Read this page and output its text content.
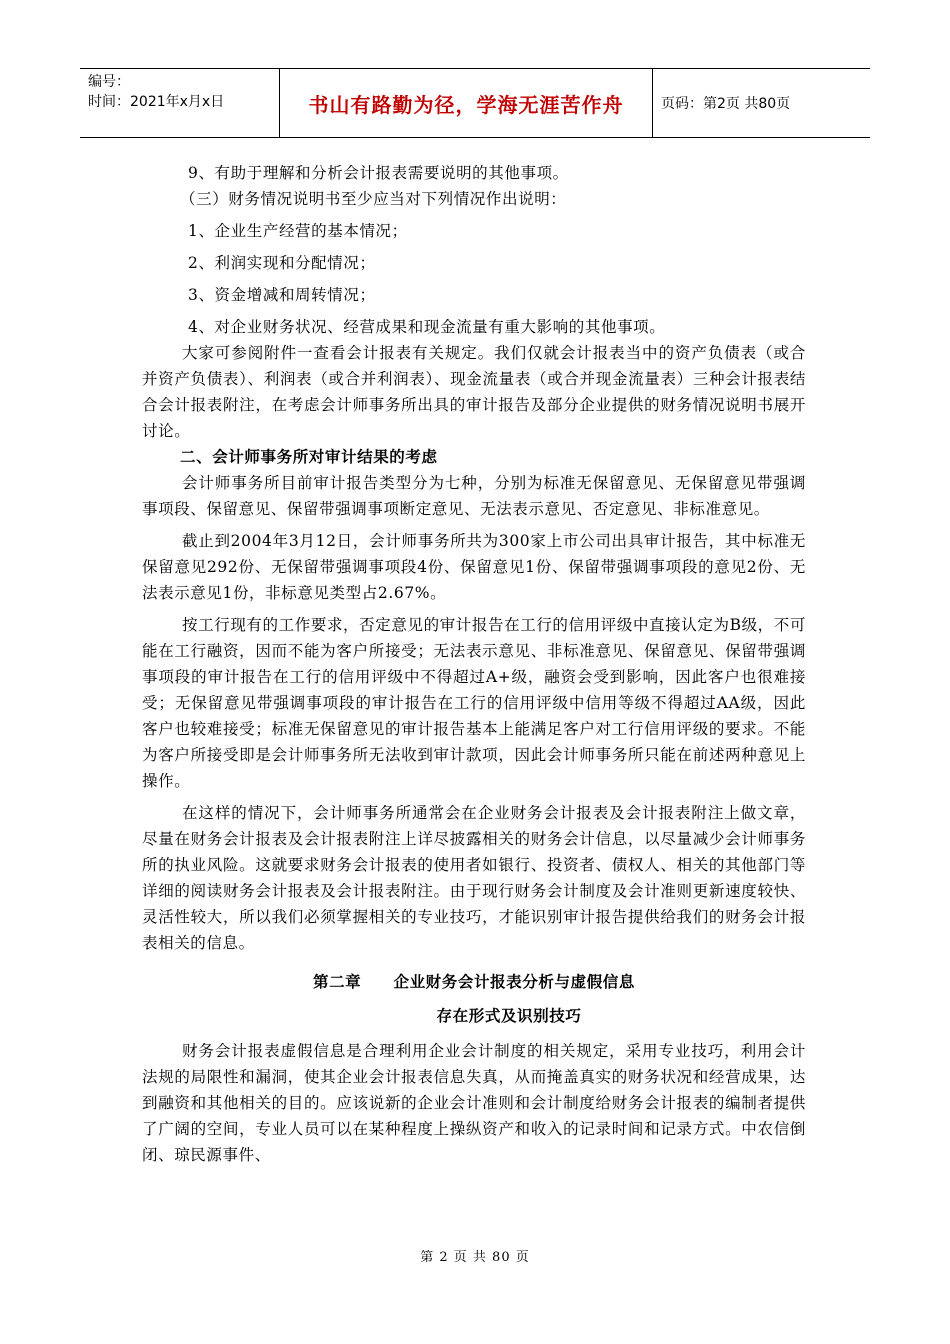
编号：
时间：2021年x月x日	书山有路勤为径，学海无涯苦作舟	页码：第2页 共80页
9、有助于理解和分析会计报表需要说明的其他事项。
（三）财务情况说明书至少应当对下列情况作出说明：
1、企业生产经营的基本情况；
2、利润实现和分配情况；
3、资金增减和周转情况；
4、对企业财务状况、经营成果和现金流量有重大影响的其他事项。

大家可参阅附件一查看会计报表有关规定。我们仅就会计报表当中的资产负债表（或合并资产负债表）、利润表（或合并利润表）、现金流量表（或合并现金流量表）三种会计报表结合会计报表附注，在考虑会计师事务所出具的审计报告及部分企业提供的财务情况说明书展开讨论。

二、会计师事务所对审计结果的考虑

会计师事务所目前审计报告类型分为七种，分别为标准无保留意见、无保留意见带强调事项段、保留意见、保留带强调事项断定意见、无法表示意见、否定意见、非标准意见。

截止到2004年3月12日，会计师事务所共为300家上市公司出具审计报告，其中标准无保留意见292份、无保留带强调事项段4份、保留意见1份、保留带强调事项段的意见2份、无法表示意见1份，非标意见类型占2.67%。

按工行现有的工作要求，否定意见的审计报告在工行的信用评级中直接认定为B级，不可能在工行融资，因而不能为客户所接受；无法表示意见、非标准意见、保留意见、保留带强调事项段的审计报告在工行的信用评级中不得超过A+级，融资会受到影响，因此客户也很难接受；无保留意见带强调事项段的审计报告在工行的信用评级中信用等级不得超过AA级，因此客户也较难接受；标准无保留意见的审计报告基本上能满足客户对工行信用评级的要求。不能为客户所接受即是会计师事务所无法收到审计款项，因此会计师事务所只能在前述两种意见上操作。

在这样的情况下，会计师事务所通常会在企业财务会计报表及会计报表附注上做文章，尽量在财务会计报表及会计报表附注上详尽披露相关的财务会计信息，以尽量减少会计师事务所的执业风险。这就要求财务会计报表的使用者如银行、投资者、债权人、相关的其他部门等详细的阅读财务会计报表及会计报表附注。由于现行财务会计制度及会计准则更新速度较快、灵活性较大，所以我们必须掌握相关的专业技巧，才能识别审计报告提供给我们的财务会计报表相关的信息。

第二章　　企业财务会计报表分析与虚假信息
存在形式及识别技巧

财务会计报表虚假信息是合理利用企业会计制度的相关规定，采用专业技巧，利用会计法规的局限性和漏洞，使其企业会计报表信息失真，从而掩盖真实的财务状况和经营成果，达到融资和其他相关的目的。应该说新的企业会计准则和会计制度给财务会计报表的编制者提供了广阔的空间，专业人员可以在某种程度上操纵资产和收入的记录时间和记录方式。中农信倒闭、琼民源事件、

第 2 页 共 80 页
